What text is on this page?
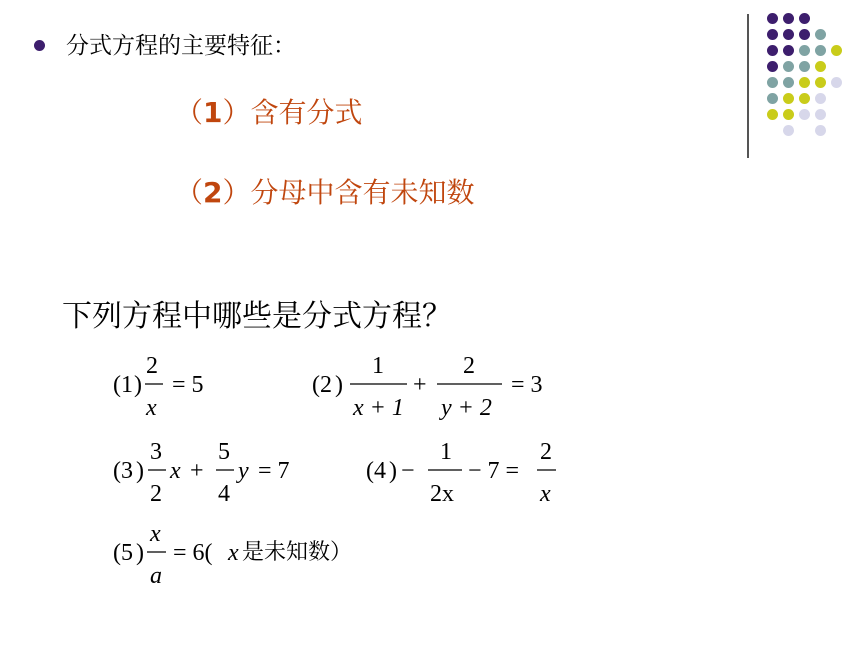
分式方程的主要特征：
（1）含有分式
（2）分母中含有未知数
下列方程中哪些是分式方程？
( 1 )
2
x
= 5	( 2 )
1
x + 1
+
2
y + 2
= 3
( 3 )
3
2
x +
5
4
y = 7	( 4 ) −
1
2x
− 7 =
2
x
( 5 )
x
a
= 6( x 是未知数）
